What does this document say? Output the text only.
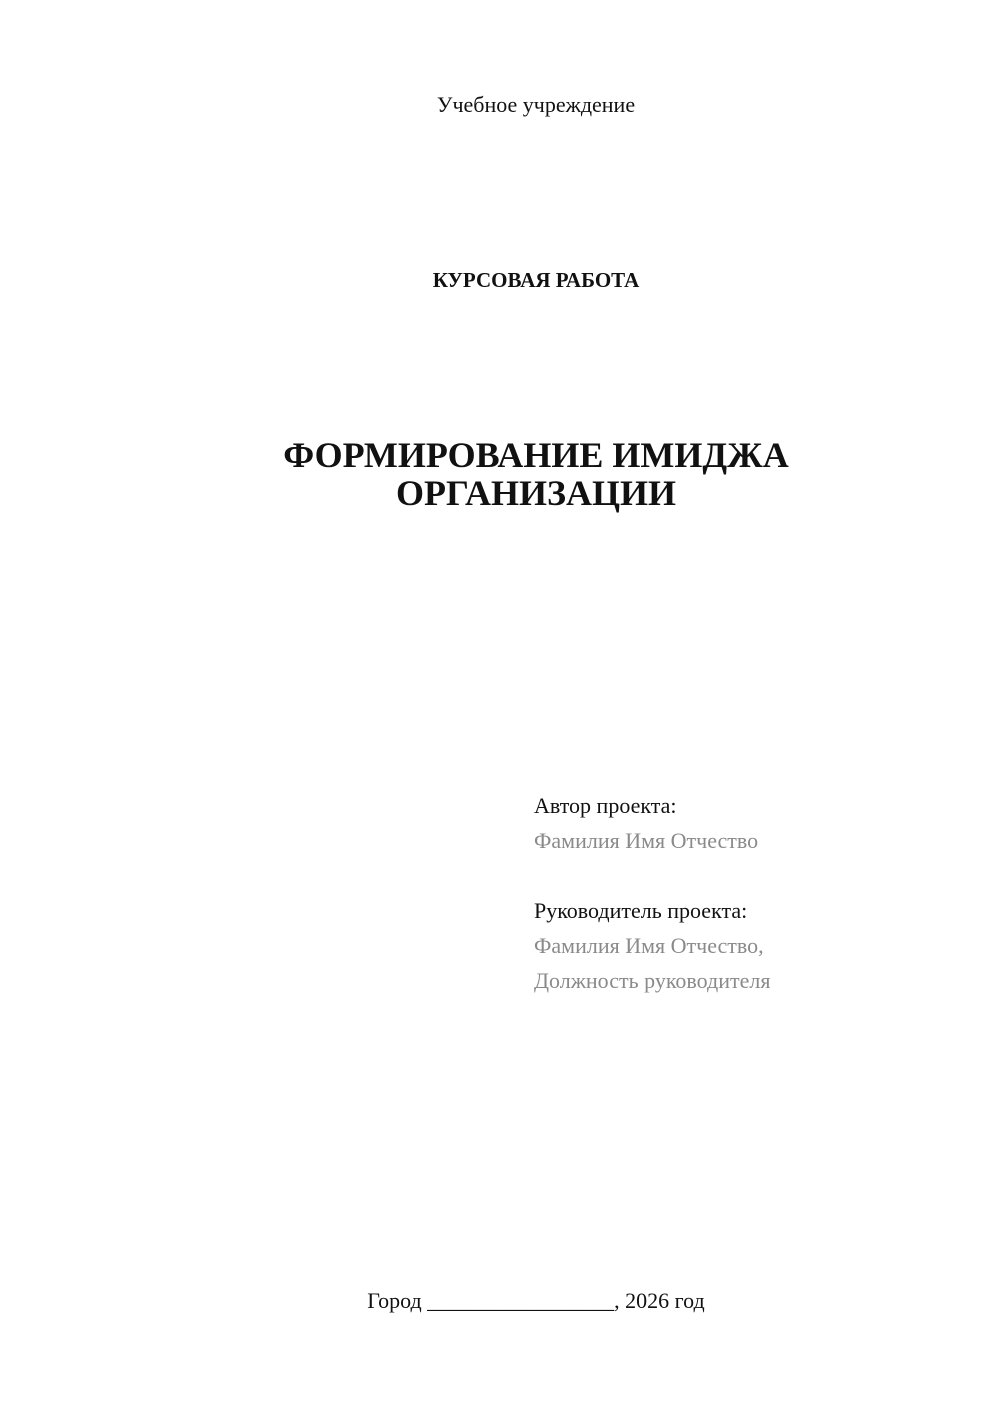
Учебное учреждение
КУРСОВАЯ РАБОТА
ФОРМИРОВАНИЕ ИМИДЖА
ОРГАНИЗАЦИИ
Автор проекта:
Фамилия Имя Отчество
Руководитель проекта:
Фамилия Имя Отчество,
Должность руководителя
Город _________________, 2026 год
